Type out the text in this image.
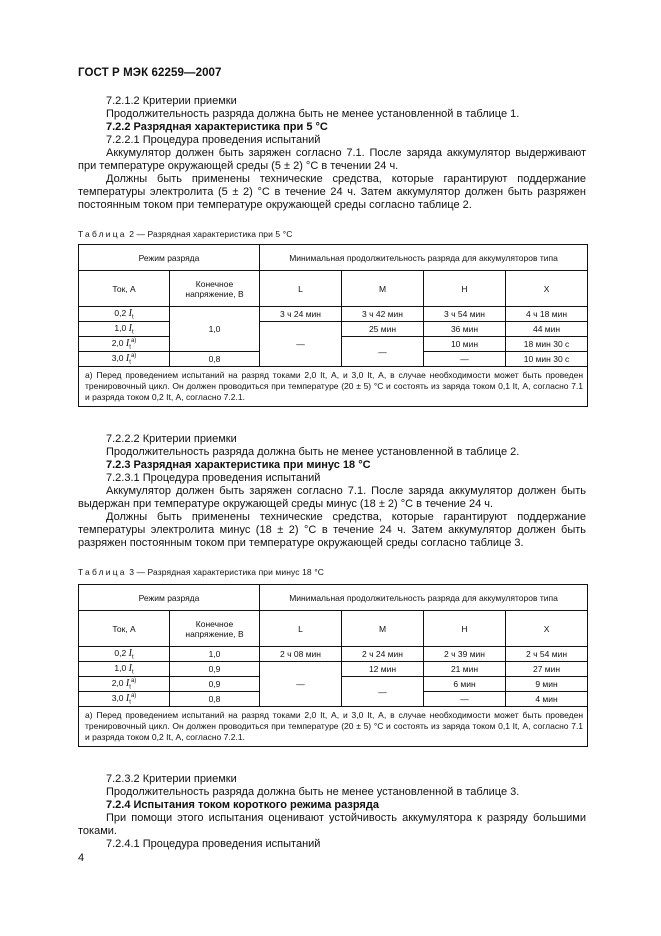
ГОСТ Р МЭК 62259—2007

7.2.1.2 Критерии приемки

Продолжительность разряда должна быть не менее установленной в таблице 1.

7.2.2 Разрядная характеристика при 5 °С

7.2.2.1 Процедура проведения испытаний

Аккумулятор должен быть заряжен согласно 7.1. После заряда аккумулятор выдерживают при температуре окружающей среды (5 ± 2) °С в течении 24 ч.

Должны быть применены технические средства, которые гарантируют поддержание температуры электролита (5 ± 2) °С в течение 24 ч. Затем аккумулятор должен быть разряжен постоянным током при температуре окружающей среды согласно таблице 2.

Таблица 2 — Разрядная характеристика при 5 °С
Режим разряда		Минимальная продолжительность разряда для аккумуляторов типа			
Ток, А	Конечное напряжение, В	L	M	H	X
0,2 $I_t$	1,0	3 ч 24 мин	3 ч 42 мин	3 ч 54 мин	4 ч 18 мин
1,0 $I_t$		—	25 мин	36 мин	44 мин
2,0 $I_t^{а)}$			—	10 мин	18 мин 30 с
3,0 $I_t^{а)}$	0,8			—	10 мин 30 с
а) Перед проведением испытаний на разряд токами 2,0 It, А, и 3,0 It, А, в случае необходимости может быть проведен тренировочный цикл. Он должен проводиться при температуре (20 ± 5) °С и состоять из заряда током 0,1 It, А, согласно 7.1 и разряда током 0,2 It, А, согласно 7.2.1.					

7.2.2.2 Критерии приемки

Продолжительность разряда должна быть не менее установленной в таблице 2.

7.2.3 Разрядная характеристика при минус 18 °С

7.2.3.1 Процедура проведения испытаний

Аккумулятор должен быть заряжен согласно 7.1. После заряда аккумулятор должен быть выдержан при температуре окружающей среды минус (18 ± 2) °С в течение 24 ч.

Должны быть применены технические средства, которые гарантируют поддержание температуры электролита минус (18 ± 2) °С в течение 24 ч. Затем аккумулятор должен быть разряжен постоянным током при температуре окружающей среды согласно таблице 3.

Таблица 3 — Разрядная характеристика при минус 18 °С
Режим разряда		Минимальная продолжительность разряда для аккумуляторов типа			
Ток, А	Конечное напряжение, В	L	M	H	X
0,2 $I_t$	1,0	2 ч 08 мин	2 ч 24 мин	2 ч 39 мин	2 ч 54 мин
1,0 $I_t$	0,9	—	12 мин	21 мин	27 мин
2,0 $I_t^{а)}$	0,9		—	6 мин	9 мин
3,0 $I_t^{а)}$	0,8			—	4 мин
а) Перед проведением испытаний на разряд токами 2,0 It, А, и 3,0 It, А, в случае необходимости может быть проведен тренировочный цикл. Он должен проводиться при температуре (20 ± 5) °С и состоять из заряда током 0,1 It, А, согласно 7.1 и разряда током 0,2 It, А, согласно 7.2.1.					

7.2.3.2 Критерии приемки

Продолжительность разряда должна быть не менее установленной в таблице 3.

7.2.4 Испытания током короткого режима разряда

При помощи этого испытания оценивают устойчивость аккумулятора к разряду большими токами.

7.2.4.1 Процедура проведения испытаний

4
